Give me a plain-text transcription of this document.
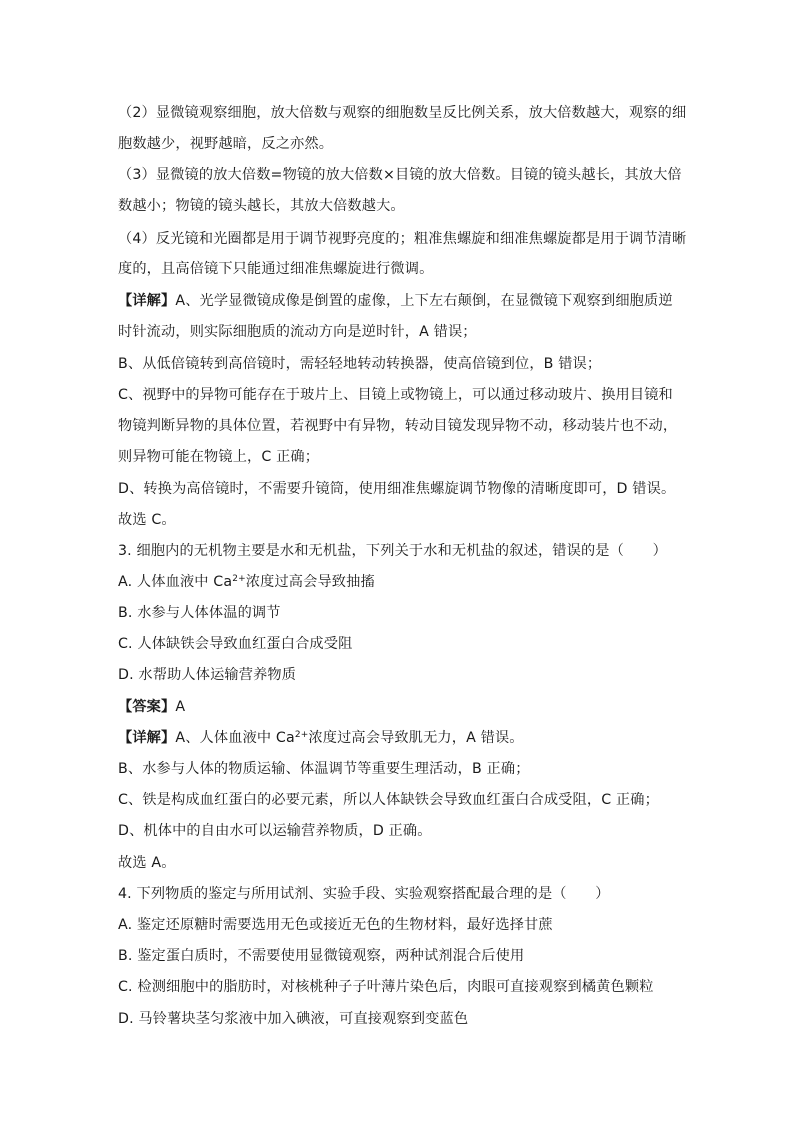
（2）显微镜观察细胞，放大倍数与观察的细胞数呈反比例关系，放大倍数越大，观察的细
胞数越少，视野越暗，反之亦然。
（3）显微镜的放大倍数=物镜的放大倍数×目镜的放大倍数。目镜的镜头越长，其放大倍
数越小；物镜的镜头越长，其放大倍数越大。
（4）反光镜和光圈都是用于调节视野亮度的；粗准焦螺旋和细准焦螺旋都是用于调节清晰
度的，且高倍镜下只能通过细准焦螺旋进行微调。
【详解】A、光学显微镜成像是倒置的虚像，上下左右颠倒，在显微镜下观察到细胞质逆
时针流动，则实际细胞质的流动方向是逆时针，A 错误；
B、从低倍镜转到高倍镜时，需轻轻地转动转换器，使高倍镜到位，B 错误；
C、视野中的异物可能存在于玻片上、目镜上或物镜上，可以通过移动玻片、换用目镜和
物镜判断异物的具体位置，若视野中有异物，转动目镜发现异物不动，移动装片也不动，
则异物可能在物镜上，C 正确；
D、转换为高倍镜时，不需要升镜筒，使用细准焦螺旋调节物像的清晰度即可，D 错误。
故选 C。
3. 细胞内的无机物主要是水和无机盐，下列关于水和无机盐的叙述，错误的是（　　）
A. 人体血液中 $Ca^{2+}$浓度过高会导致抽搐
B. 水参与人体体温的调节
C. 人体缺铁会导致血红蛋白合成受阻
D. 水帮助人体运输营养物质
【答案】A
【详解】A、人体血液中 $Ca^{2+}$浓度过高会导致肌无力，A 错误。
B、水参与人体的物质运输、体温调节等重要生理活动，B 正确；
C、铁是构成血红蛋白的必要元素，所以人体缺铁会导致血红蛋白合成受阻，C 正确；
D、机体中的自由水可以运输营养物质，D 正确。
故选 A。
4. 下列物质的鉴定与所用试剂、实验手段、实验观察搭配最合理的是（　　）
A. 鉴定还原糖时需要选用无色或接近无色的生物材料，最好选择甘蔗
B. 鉴定蛋白质时，不需要使用显微镜观察，两种试剂混合后使用
C. 检测细胞中的脂肪时，对核桃种子子叶薄片染色后，肉眼可直接观察到橘黄色颗粒
D. 马铃薯块茎匀浆液中加入碘液，可直接观察到变蓝色
